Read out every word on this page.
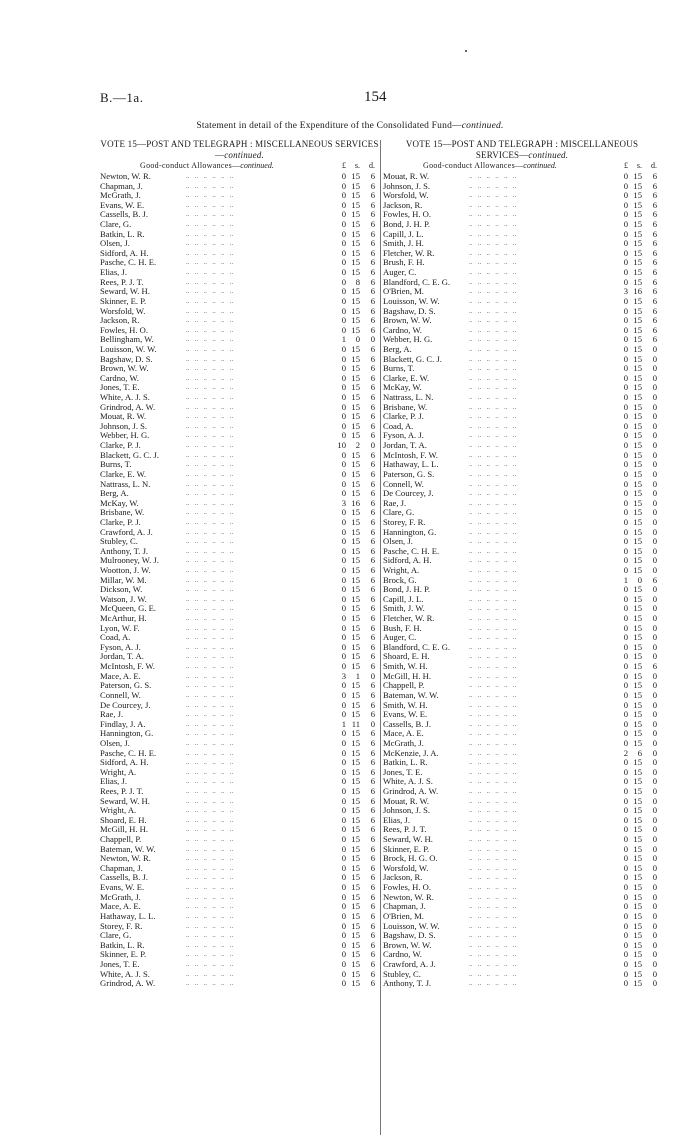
B.—1a.	154
Statement in detail of the Expenditure of the Consolidated Fund—continued.
VOTE 15—POST AND TELEGRAPH : MISCELLANEOUS SERVICES—continued.
Good-conduct Allowances—continued.	£	s.	d.
Newton, W. R. ..	0 15	6
Chapman, J. ..	0 15	6
McGrath, J. ..	0 15	6
Evans, W. E. ..	0 15	6
Cassells, B. J. ..	0 15	6
Clare, G. ..	0 15	6
Batkin, L. R. ..	0 15	6
Olsen, J. ..	0 15	6
Sidford, A. H. ..	0 15	6
Pasche, C. H. E. ..	0 15	6
Elias, J. ..	0 15	6
Rees, P. J. T. ..	0	8	6
Seward, W. H. ..	0 15	6
Skinner, E. P. ..	0 15	6
Worsfold, W. ..	0 15	6
Jackson, R. ..	0 15	6
Fowles, H. O. ..	0 15	6
Bellingham, W. ..	1	0	0
Louisson, W. W. ..	0 15	6
Bagshaw, D. S. ..	0 15	6
Brown, W. W. ..	0 15	6
Cardno, W. ..	0 15	6
Jones, T. E. ..	0 15	6
White, A. J. S. ..	0 15	6
Grindrod, A. W. ..	0 15	6
Mouat, R. W. ..	0 15	6
Johnson, J. S. ..	0 15	6
Webber, H. G. ..	0 15	6
Clarke, P. J. ..	10	2	0
Blackett, G. C. J. ..	0 15	6
Burns, T. ..	0 15	6
Clarke, E. W. ..	0 15	6
Nattrass, L. N. ..	0 15	6
Berg, A. ..	0 15	6
McKay, W. ..	3 16	6
Brisbane, W. ..	0 15	6
Clarke, P. J. ..	0 15	6
Crawford, A. J. ..	0 15	6
Stubley, C. ..	0 15	6
Anthony, T. J. ..	0 15	6
Mulrooney, W. J. ..	0 15	6
Wootton, J. W. ..	0 15	6
Millar, W. M. ..	0 15	6
Dickson, W. ..	0 15	6
Watson, J. W. ..	0 15	6
McQueen, G. E. ..	0 15	6
McArthur, H. ..	0 15	6
Lyon, W. F. ..	0 15	6
Coad, A. ..	0 15	6
Fyson, A. J. ..	0 15	6
Jordan, T. A. ..	0 15	6
McIntosh, F. W. ..	0 15	6
Mace, A. E. ..	3	1	0
Paterson, G. S. ..	0 15	6
Connell, W. ..	0 15	6
De Courcey, J. ..	0 15	6
Rae, J. ..	0 15	6
Findlay, J. A. ..	1 11	0
Hannington, G. ..	0 15	6
Olsen, J. ..	0 15	6
Pasche, C. H. E. ..	0 15	6
Sidford, A. H. ..	0 15	6
Wright, A. ..	0 15	6
Elias, J. ..	0 15	6
Rees, P. J. T. ..	0 15	6
Seward, W. H. ..	0 15	6
Wright, A. ..	0 15	6
Shoard, E. H. ..	0 15	6
McGill, H. H. ..	0 15	6
Chappell, P. ..	0 15	6
Bateman, W. W. ..	0 15	6
Newton, W. R. ..	0 15	6
Chapman, J. ..	0 15	6
Cassells, B. J. ..	0 15	6
Evans, W. E. ..	0 15	6
McGrath, J. ..	0 15	6
Mace, A. E. ..	0 15	6
Hathaway, L. L. ..	0 15	6
Storey, F. R. ..	0 15	6
Clare, G. ..	0 15	6
Batkin, L. R. ..	0 15	6
Skinner, E. P. ..	0 15	6
Jones, T. E. ..	0 15	6
White, A. J. S. ..	0 15	6
Grindrod, A. W. ..	0 15	6
VOTE 15—POST AND TELEGRAPH : MISCELLANEOUS SERVICES—continued.
Good-conduct Allowances—continued.	£	s.	d.
Mouat, R. W. ..	0 15	6
Johnson, J. S. ..	0 15	6
Worsfold, W. ..	0 15	6
Jackson, R. ..	0 15	6
Fowles, H. O. ..	0 15	6
Bond, J. H. P. ..	0 15	6
Capill, J. L. ..	0 15	6
Smith, J. H. ..	0 15	6
Fletcher, W. R. ..	0 15	6
Brush, F. H. ..	0 15	6
Auger, C. ..	0 15	6
Blandford, C. E. G. ..	0 15	6
O'Brien, M. ..	3 16	6
Louisson, W. W. ..	0 15	6
Bagshaw, D. S. ..	0 15	6
Brown, W. W. ..	0 15	6
Cardno, W. ..	0 15	6
Webber, H. G. ..	0 15	6
Berg, A. ..	0 15	0
Blackett, G. C. J. ..	0 15	0
Burns, T. ..	0 15	0
Clarke, E. W. ..	0 15	0
McKay, W. ..	0 15	0
Nattrass, L. N. ..	0 15	0
Brisbane, W. ..	0 15	0
Clarke, P. J. ..	0 15	0
Coad, A. ..	0 15	0
Fyson, A. J. ..	0 15	0
Jordan, T. A. ..	0 15	0
McIntosh, F. W. ..	0 15	0
Hathaway, L. L. ..	0 15	0
Paterson, G. S. ..	0 15	0
Connell, W. ..	0 15	0
De Courcey, J. ..	0 15	0
Rae, J. ..	0 15	0
Clare, G. ..	0 15	0
Storey, F. R. ..	0 15	0
Hannington, G. ..	0 15	0
Olsen, J. ..	0 15	0
Pasche, C. H. E. ..	0 15	0
Sidford, A. H. ..	0 15	0
Wright, A. ..	0 15	0
Brock, G. ..	1	0	6
Bond, J. H. P. ..	0 15	0
Capill, J. L. ..	0 15	0
Smith, J. W. ..	0 15	0
Fletcher, W. R. ..	0 15	0
Bush, F. H. ..	0 15	0
Auger, C. ..	0 15	0
Blandford, C. E. G. ..	0 15	0
Shoard, E. H. ..	0 15	0
Smith, W. H. ..	0 15	6
McGill, H. H. ..	0 15	0
Chappell, P. ..	0 15	0
Bateman, W. W. ..	0 15	0
Smith, W. H. ..	0 15	0
Evans, W. E. ..	0 15	0
Cassells, B. J. ..	0 15	0
Mace, A. E. ..	0 15	0
McGrath, J. ..	0 15	0
McKenzie, J. A. ..	2	6	0
Batkin, L. R. ..	0 15	0
Jones, T. E. ..	0 15	0
White, A. J. S. ..	0 15	0
Grindrod, A. W. ..	0 15	0
Mouat, R. W. ..	0 15	0
Johnson, J. S. ..	0 15	0
Elias, J. ..	0 15	0
Rees, P. J. T. ..	0 15	0
Seward, W. H. ..	0 15	0
Skinner, E. P. ..	0 15	0
Brock, H. G. O. ..	0 15	0
Worsfold, W. ..	0 15	0
Jackson, R. ..	0 15	0
Fowles, H. O. ..	0 15	0
Newton, W. R. ..	0 15	0
Chapman, J. ..	0 15	0
O'Brien, M. ..	0 15	0
Louisson, W. W. ..	0 15	0
Bagshaw, D. S. ..	0 15	0
Brown, W. W. ..	0 15	0
Cardno, W. ..	0 15	0
Crawford, A. J. ..	0 15	0
Stubley, C. ..	0 15	0
Anthony, T. J. ..	0 15	0
